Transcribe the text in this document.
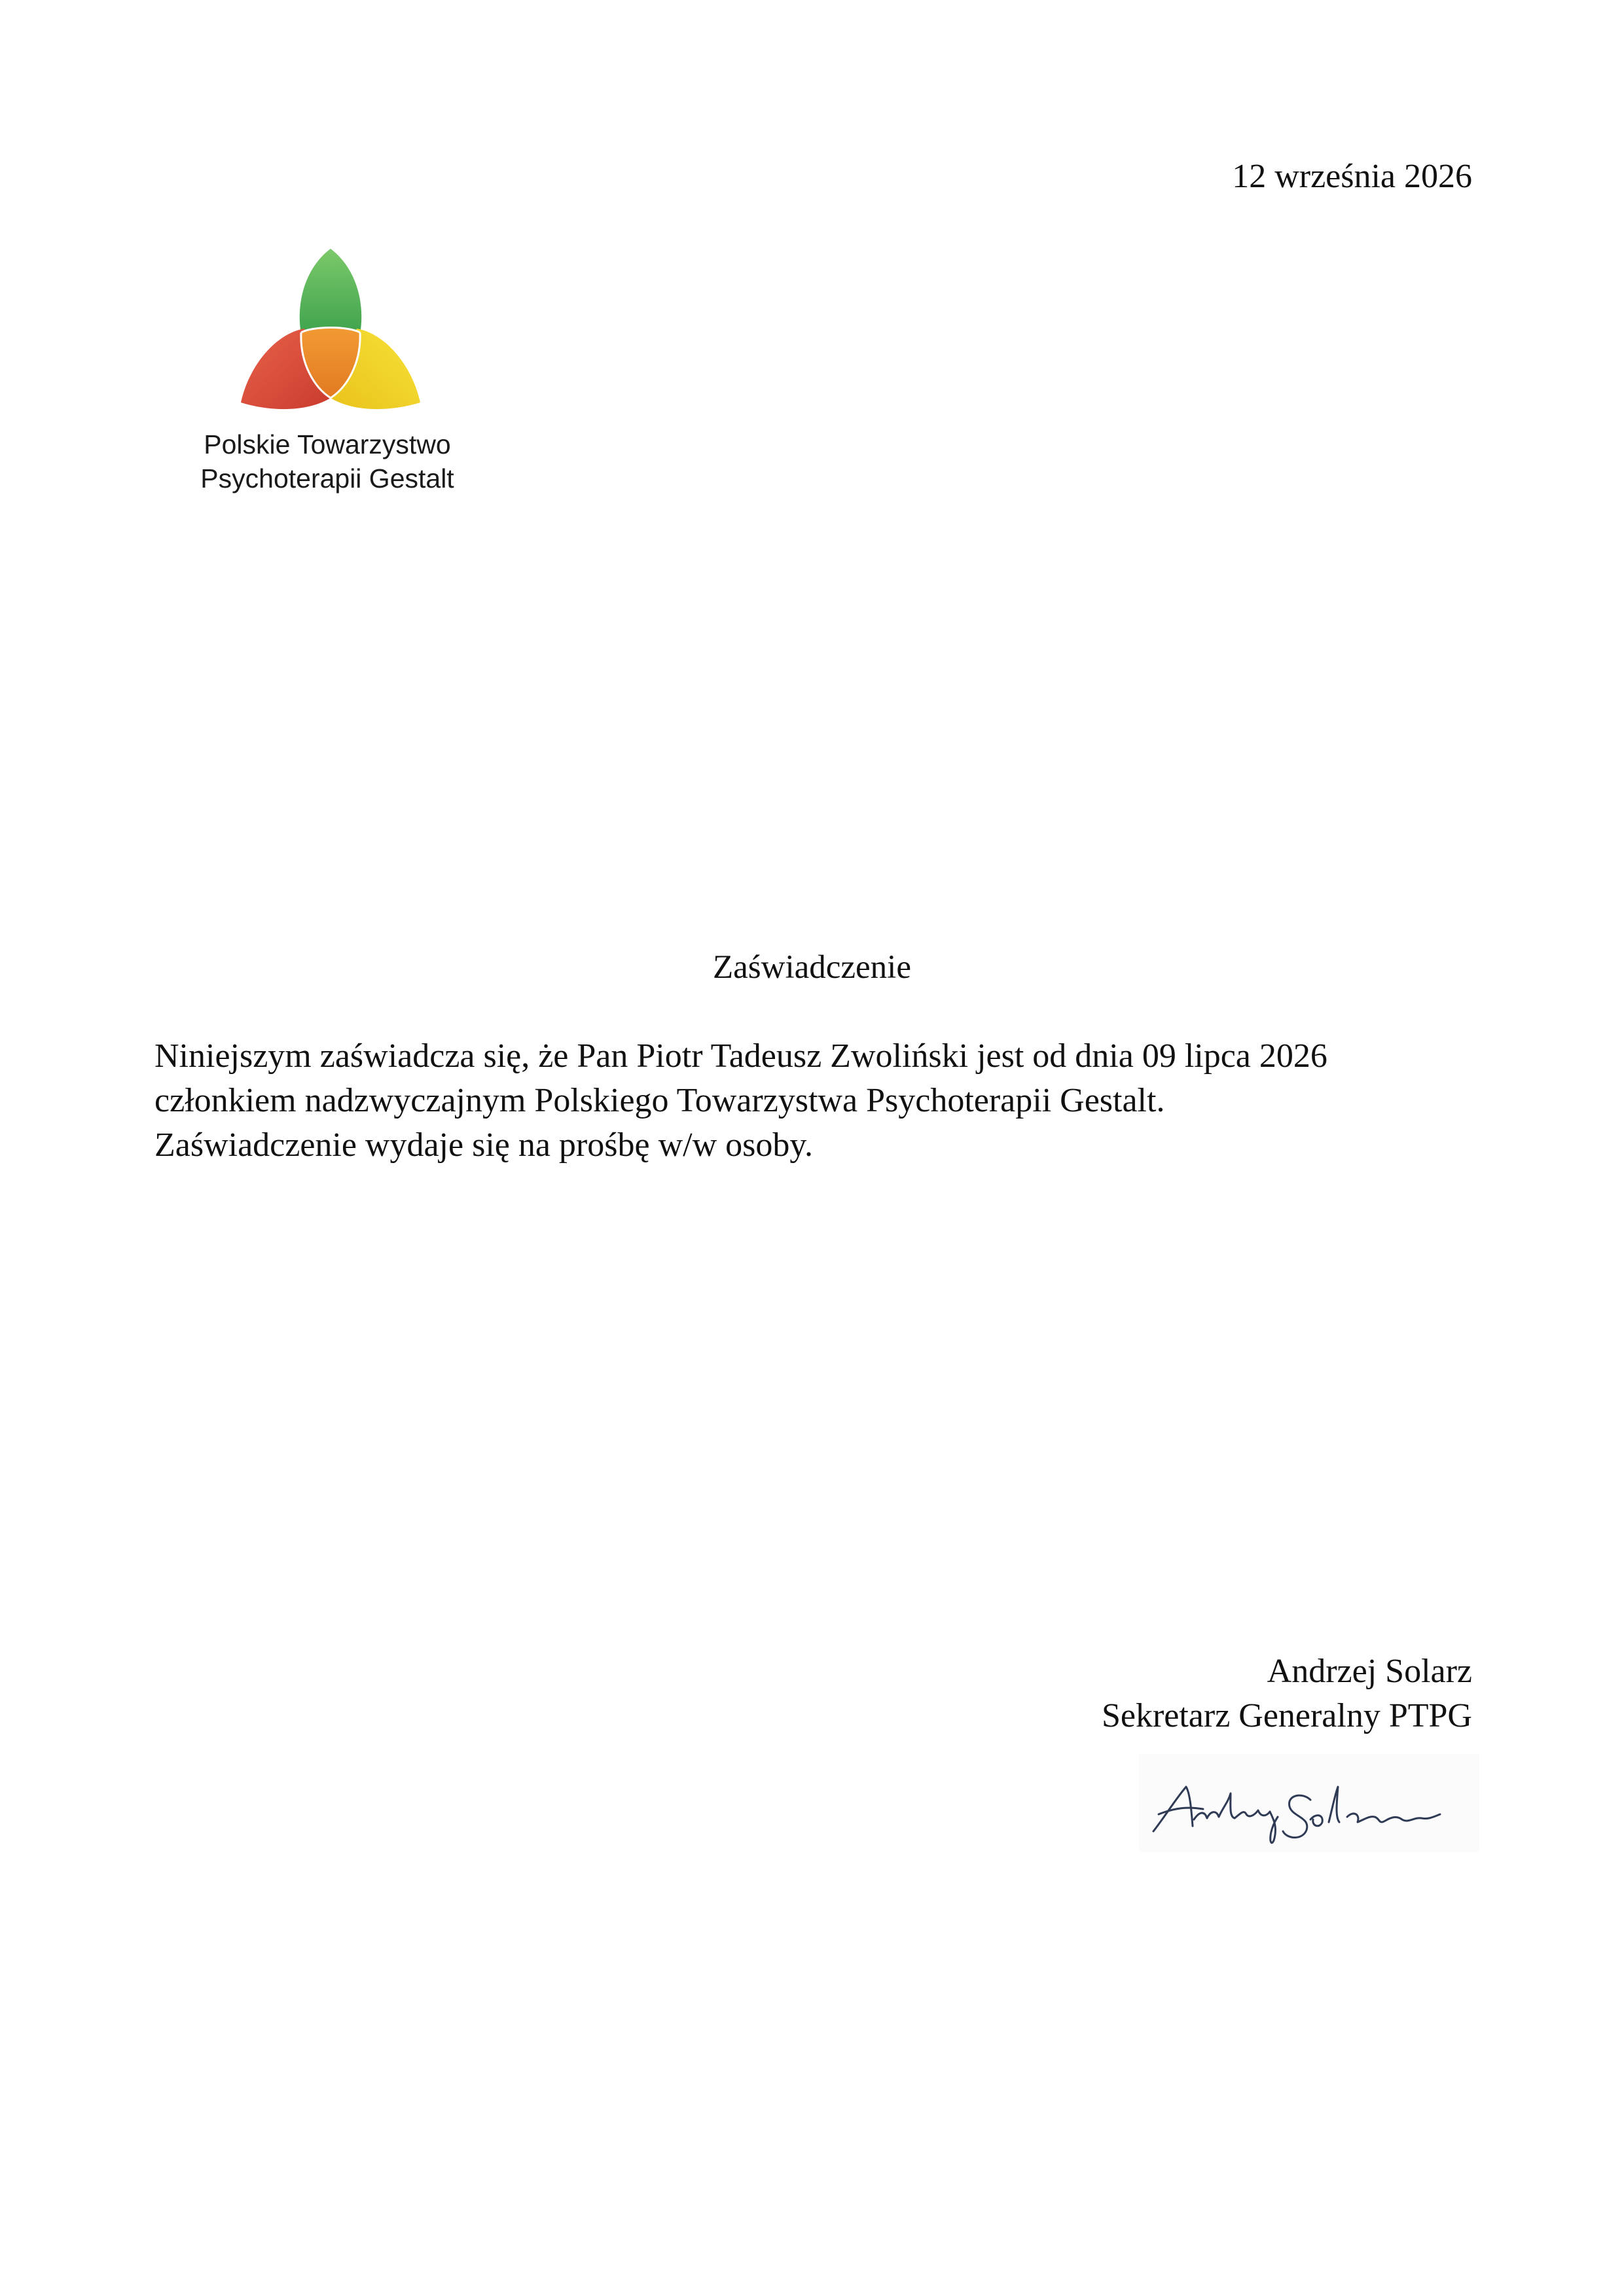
12 września 2026
Polskie Towarzystwo
Psychoterapii Gestalt
Zaświadczenie

Niniejszym zaświadcza się, że Pan Piotr Tadeusz Zwoliński jest od dnia 09 lipca 2026

członkiem nadzwyczajnym Polskiego Towarzystwa Psychoterapii Gestalt.

Zaświadczenie wydaje się na prośbę w/w osoby.

Andrzej Solarz

Sekretarz Generalny PTPG
